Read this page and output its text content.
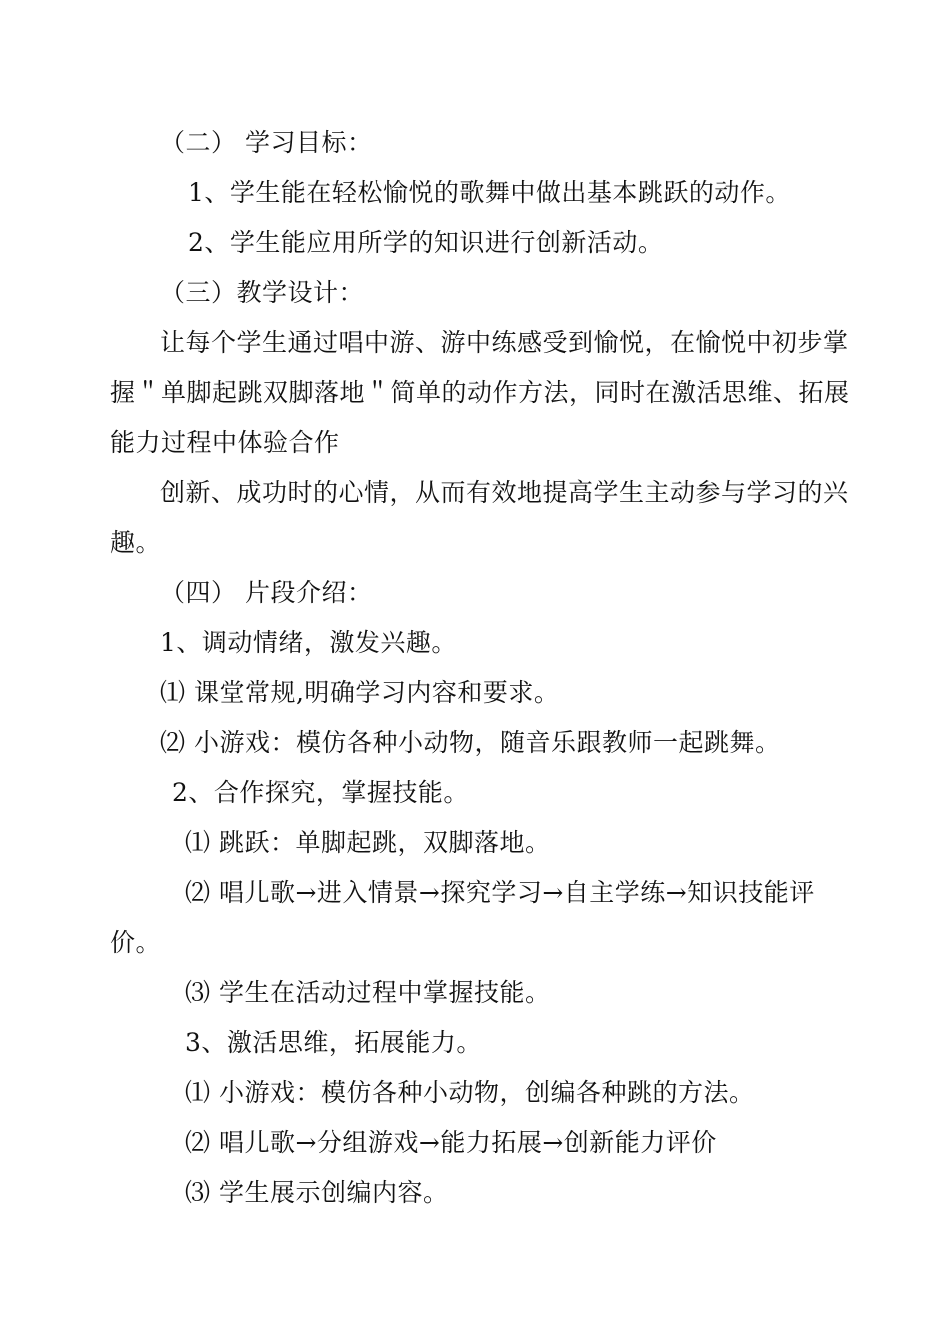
（二） 学习目标：
1、学生能在轻松愉悦的歌舞中做出基本跳跃的动作。
2、学生能应用所学的知识进行创新活动。
（三）教学设计：
让每个学生通过唱中游、游中练感受到愉悦，在愉悦中初步掌
握＂单脚起跳双脚落地＂简单的动作方法，同时在激活思维、拓展
能力过程中体验合作
创新、成功时的心情，从而有效地提高学生主动参与学习的兴
趣。
（四） 片段介绍：
1、调动情绪，激发兴趣。
⑴ 课堂常规,明确学习内容和要求。
⑵ 小游戏：模仿各种小动物，随音乐跟教师一起跳舞。
2、合作探究，掌握技能。
⑴ 跳跃：单脚起跳，双脚落地。
⑵ 唱儿歌→进入情景→探究学习→自主学练→知识技能评
价。
⑶ 学生在活动过程中掌握技能。
3、激活思维，拓展能力。
⑴ 小游戏：模仿各种小动物，创编各种跳的方法。
⑵ 唱儿歌→分组游戏→能力拓展→创新能力评价
⑶ 学生展示创编内容。
